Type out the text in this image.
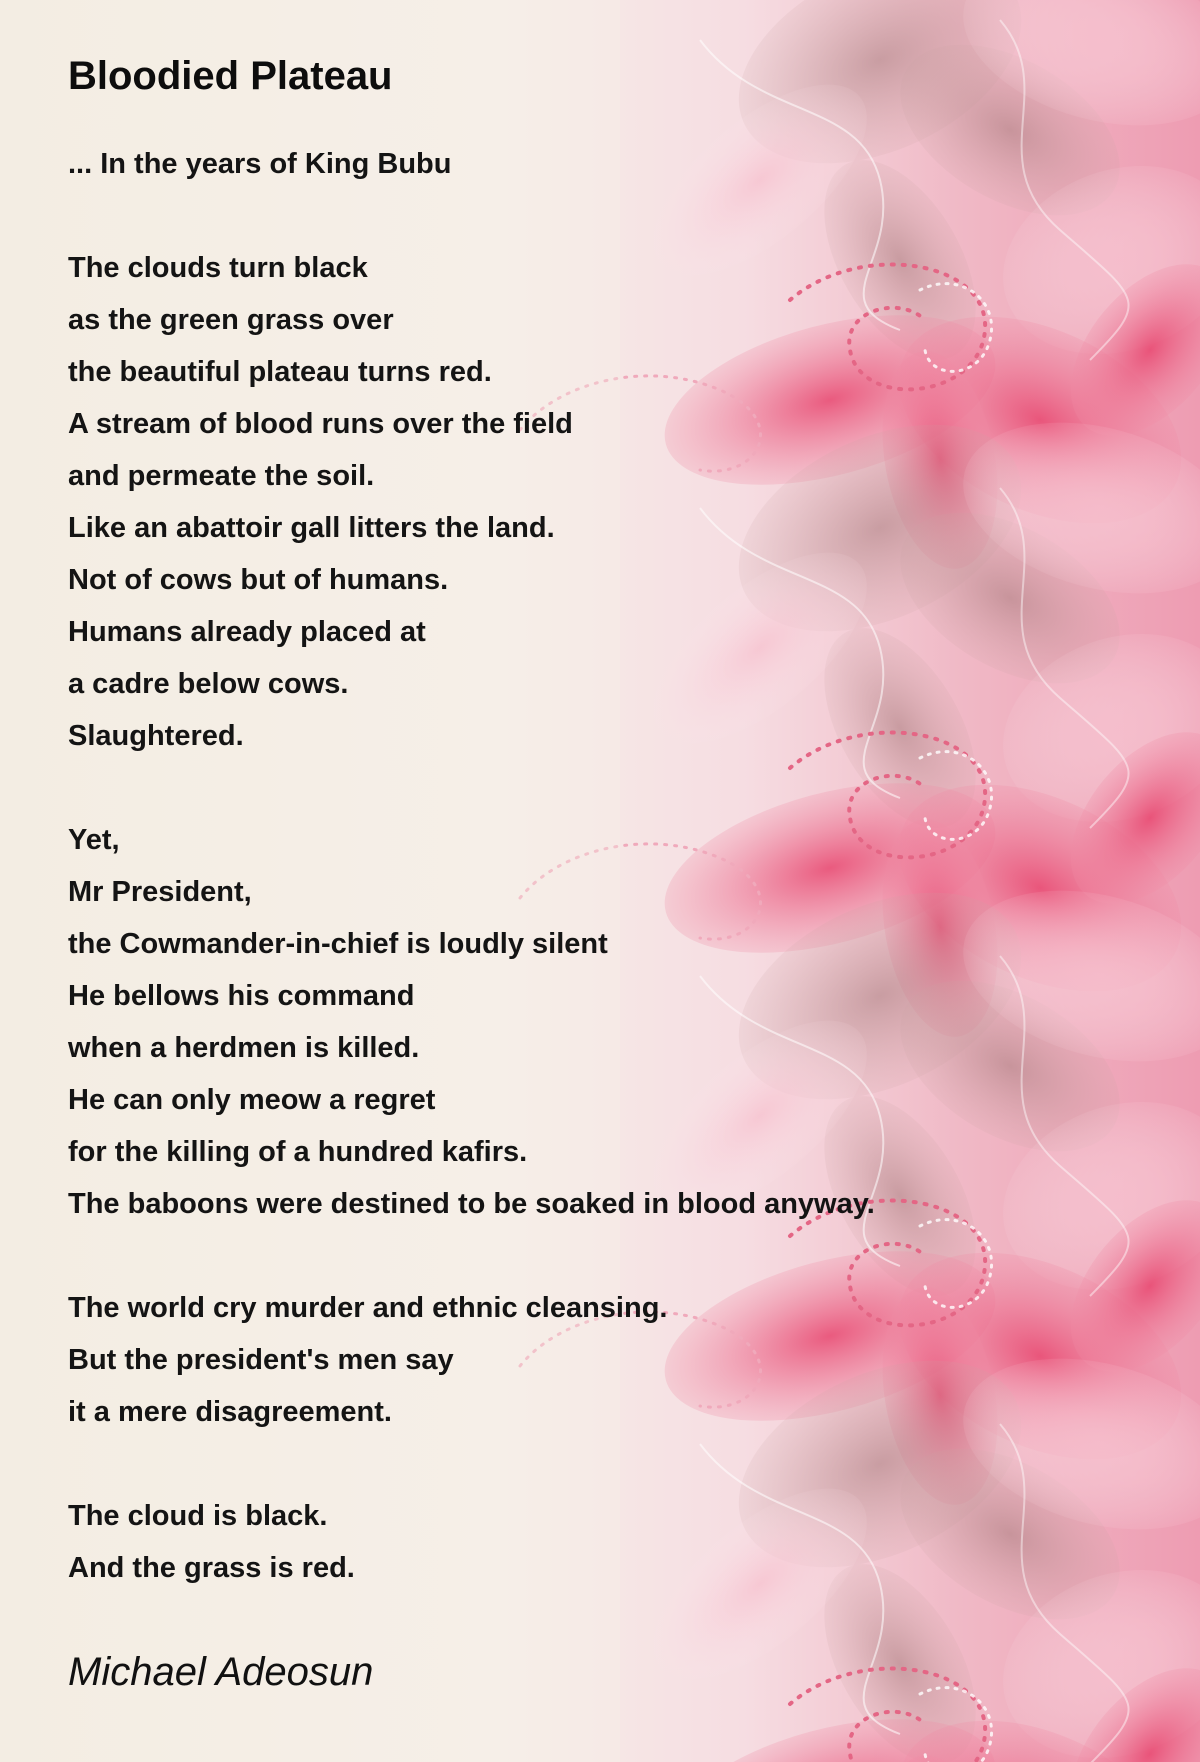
Bloodied Plateau
... In the years of King Bubu
The clouds turn black
as the green grass over
the beautiful plateau turns red.
A stream of blood runs over the field
and permeate the soil.
Like an abattoir gall litters the land.
Not of cows but of humans.
Humans already placed at
a cadre below cows.
Slaughtered.
Yet,
Mr President,
the Cowmander-in-chief is loudly silent
He bellows his command
when a herdmen is killed.
He can only meow a regret
for the killing of a hundred kafirs.
The baboons were destined to be soaked in blood anyway.
The world cry murder and ethnic cleansing.
But the president's men say
it a mere disagreement.
The cloud is black.
And the grass is red.
Michael Adeosun
